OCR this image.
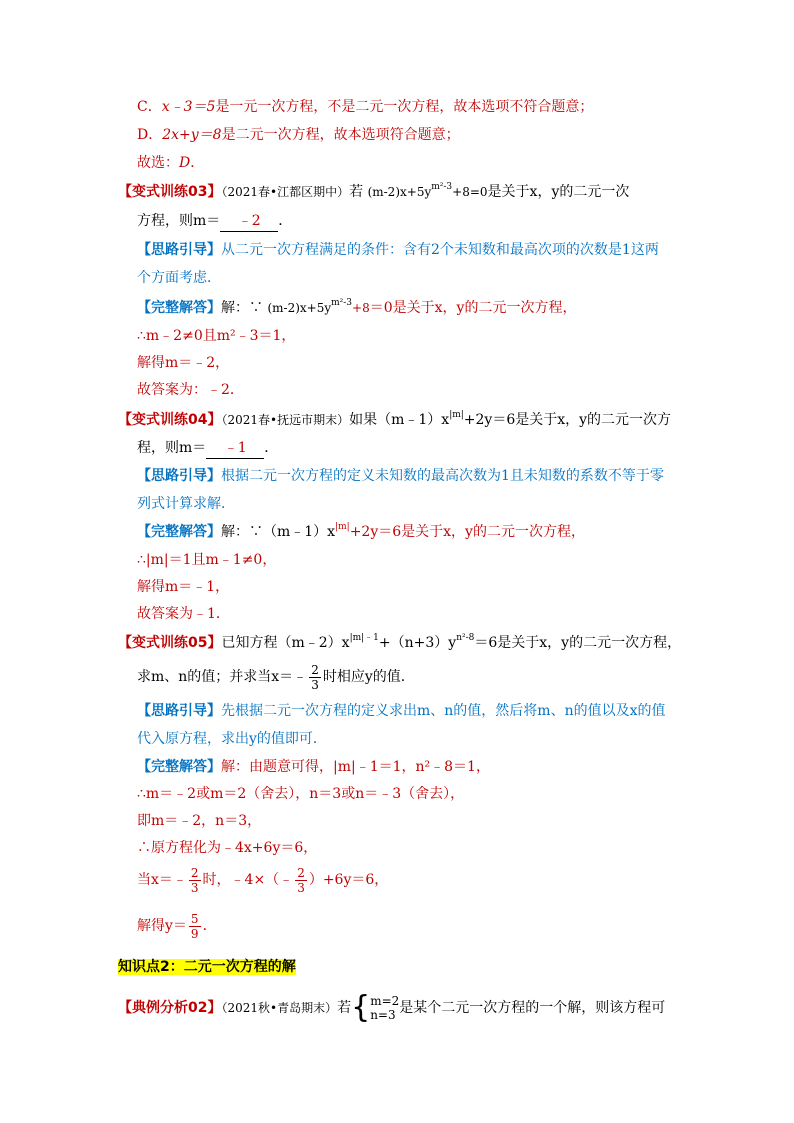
C．x﹣3＝5是一元一次方程，不是二元一次方程，故本选项不符合题意；
D．2x+y＝8是二元一次方程，故本选项符合题意；
故选：D．
【变式训练03】（2021春•江都区期中）若 $(m-2)x+5y^{m^2-3}+8=0$是关于x，y的二元一次
方程，则m＝ ﹣2 ．
【思路引导】从二元一次方程满足的条件：含有2个未知数和最高次项的次数是1这两
个方面考虑．
【完整解答】解：∵ $(m-2)x+5y^{m^2-3}+8=0$是关于x，y的二元一次方程，
∴m﹣2≠0且m²﹣3＝1，
解得m＝﹣2，
故答案为：﹣2．
【变式训练04】（2021春•抚远市期末）如果$(m﹣1)x^{|m|}+2y=6$是关于x，y的二元一次方
程，则m＝ ﹣1 ．
【思路引导】根据二元一次方程的定义未知数的最高次数为1且未知数的系数不等于零
列式计算求解．
【完整解答】解：$\because(m﹣1)x^{|m|}+2y=6$是关于x，y的二元一次方程，
∴|m|＝1且m﹣1≠0，
解得m＝﹣1，
故答案为﹣1．
【变式训练05】已知方程$(m﹣2)x^{|m|﹣1}+(n+3)y^{n^2-8}=6$是关于x，y的二元一次方程，
求m、n的值；并求当x＝﹣ $\frac{2}{3}$ 时相应y的值．
【思路引导】先根据二元一次方程的定义求出m、n的值，然后将m、n的值以及x的值
代入原方程，求出y的值即可．
【完整解答】解：由题意可得，|m|﹣1＝1，n²﹣8＝1，
∴m＝﹣2或m＝2（舍去），n＝3或n＝﹣3（舍去），
即m＝﹣2，n＝3，
∴原方程化为﹣4x+6y＝6，
当x＝﹣ $\frac{2}{3}$ 时，﹣4×（﹣ $\frac{2}{3} )+6y=6$，
解得$y= \frac{5}{9}$ ．
知识点2：二元一次方程的解
【典例分析02】（2021秋•青岛期末）若{ m=2
n=3 是某个二元一次方程的一个解，则该方程可
